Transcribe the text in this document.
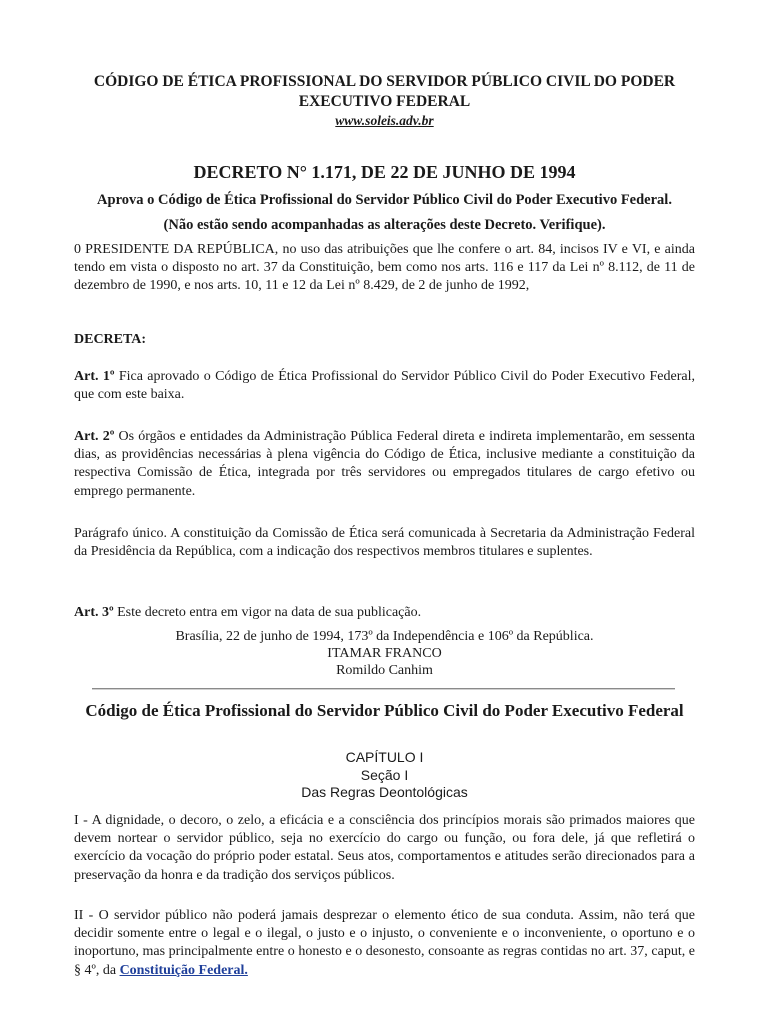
CÓDIGO DE ÉTICA PROFISSIONAL DO SERVIDOR PÚBLICO CIVIL DO PODER EXECUTIVO FEDERAL
www.soleis.adv.br
DECRETO N° 1.171, DE 22 DE JUNHO DE 1994
Aprova o Código de Ética Profissional do Servidor Público Civil do Poder Executivo Federal.
(Não estão sendo acompanhadas as alterações deste Decreto. Verifique).
0 PRESIDENTE DA REPÚBLICA, no uso das atribuições que lhe confere o art. 84, incisos IV e VI, e ainda tendo em vista o disposto no art. 37 da Constituição, bem como nos arts. 116 e 117 da Lei nº 8.112, de 11 de dezembro de 1990, e nos arts. 10, 11 e 12 da Lei nº 8.429, de 2 de junho de 1992,
DECRETA:
Art. 1º Fica aprovado o Código de Ética Profissional do Servidor Público Civil do Poder Executivo Federal, que com este baixa.
Art. 2º Os órgãos e entidades da Administração Pública Federal direta e indireta implementarão, em sessenta dias, as providências necessárias à plena vigência do Código de Ética, inclusive mediante a constituição da respectiva Comissão de Ética, integrada por três servidores ou empregados titulares de cargo efetivo ou emprego permanente.
Parágrafo único. A constituição da Comissão de Ética será comunicada à Secretaria da Administração Federal da Presidência da República, com a indicação dos respectivos membros titulares e suplentes.
Art. 3º Este decreto entra em vigor na data de sua publicação.
Brasília, 22 de junho de 1994, 173º da Independência e 106º da República.
ITAMAR FRANCO
Romildo Canhim
Código de Ética Profissional do Servidor Público Civil do Poder Executivo Federal
CAPÍTULO I
Seção I
Das Regras Deontológicas
I - A dignidade, o decoro, o zelo, a eficácia e a consciência dos princípios morais são primados maiores que devem nortear o servidor público, seja no exercício do cargo ou função, ou fora dele, já que refletirá o exercício da vocação do próprio poder estatal. Seus atos, comportamentos e atitudes serão direcionados para a preservação da honra e da tradição dos serviços públicos.
II - O servidor público não poderá jamais desprezar o elemento ético de sua conduta. Assim, não terá que decidir somente entre o legal e o ilegal, o justo e o injusto, o conveniente e o inconveniente, o oportuno e o inoportuno, mas principalmente entre o honesto e o desonesto, consoante as regras contidas no art. 37, caput, e § 4º, da Constituição Federal.
